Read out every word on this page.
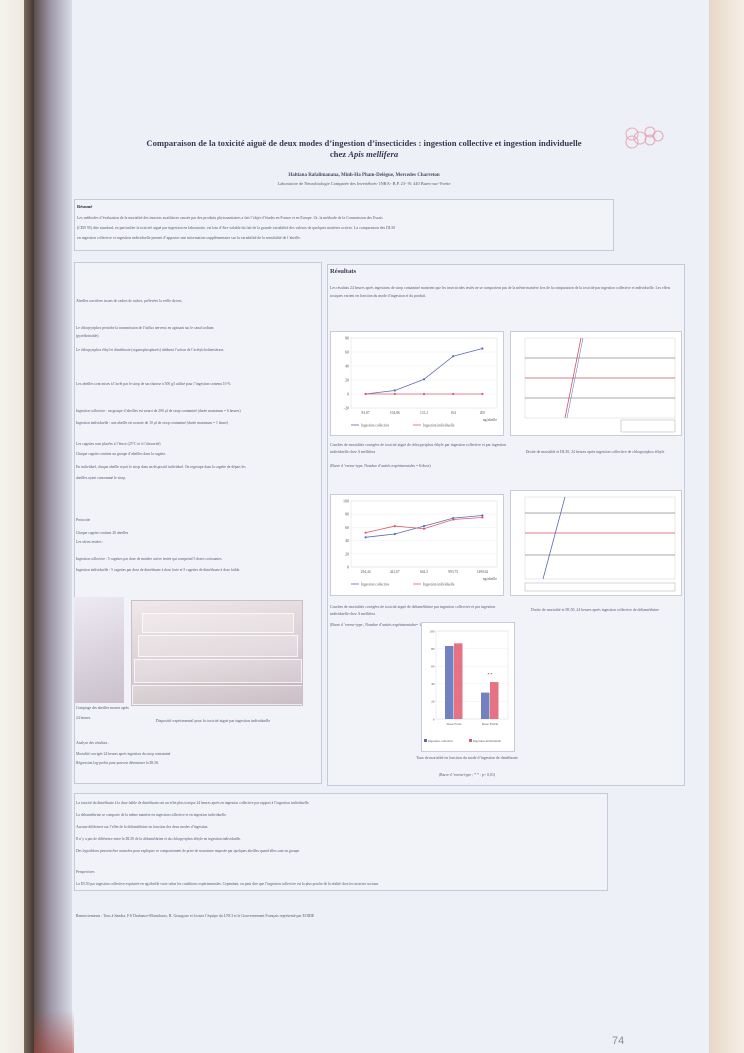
Comparaison de la toxicité aiguë de deux modes d’ingestion d’insecticides : ingestion collective et ingestion individuelle
chez Apis mellifera
Haltiana Rafalimanana, Minh-Ha Pham-Delègue, Mercedes Charreton
Laboratoire de Neurobiologie Comparée des Invertébrés- INRA- B.P. 23- 91 440 Bures-sur-Yvette
Résumé
Les méthodes d’évaluation de la mortalité des insectes auxiliaires causée par des produits phytosanitaires a fait l’objet d’études en France et en Europe. Or, la méthode de la Commission des Essais
(CEB 95) dite standard, en particulier la toxicité aiguë par ingestion en laboratoire, est loin d’être valable du fait de la grande variabilité des valeurs de quelques matières actives. La comparaison des DL50
en ingestion collective et ingestion individuelle permet d’apporter une information supplémentaire sur la variabilité de la sensibilité de l’abeille.
Abeilles ouvrières issues de cadres de ruches, prélevées la veille du test.
Le chlorpyriphos perturbe la transmission de l’influx nerveux en agissant sur le canal sodium
(pyréthrinoïde).
Le chlorpyriphos éthyl et diméthoate (organophosphorés) inhibent l’action de l’acétylcholinestérase.
Les abeilles sont mises à l’arrêt par le sirop de saccharose à 500 g/l utilisé pour l’ingestion contenu 10 %
Ingestion collective : un groupe d’abeilles est nourri de 200 µl de sirop contaminé (durée maximum = 6 heures)
Ingestion individuelle : une abeille est nourrie de 10 µl de sirop contaminé (durée maximum = 1 heure)
Les cagettes sont placées à l’étuve (25°C et à l’obscurité)
Chaque cagette contient un groupe d’abeilles dans la cagette.
En individuel, chaque abeille reçoit le sirop dans un dispositif individuel. On regroupe dans la cagette de départ les
abeilles ayant consommé le sirop.
Protocole
Chaque cagette contient 20 abeilles
Les séries testées :
Ingestion collective : 5 cagettes par dose de matière active testée qui comprend 5 doses croissantes.
Ingestion individuelle : 5 cagettes par dose de diméthoate à dose forte et 5 cagettes de diméthoate à dose faible.
Dispositif expérimental pour la toxicité aiguë par ingestion individuelle
Comptage des abeilles mortes après
24 heures.
Analyse des résultats :
Mortalité corrigée 24 heures après ingestion du sirop contaminé
Régression log-probit pour pouvoir déterminer la DL50.
Résultats
Les résultats 24 heures après ingestions de sirop contaminé montrent que les insecticides testés ne se comportent pas de la même manière lors de la comparaison de la toxicité par ingestion collective et individuelle. Les effets toxiques varient en fonction du mode d’ingestion et du produit.
-20
0
20
40
60
80
83,87	104,86	131,2	164	205
ng/abeille
Ingestion collective	Ingestion individuelle
Courbes de mortalités corrigées de toxicité aiguë de chlorpyriphos éthyle par ingestion collective et par ingestion individuelle chez A mellifera
(Barre d ’erreur-type, Nombre d’unités expérimentales = 6/dose)
Droite de mortalité et DL50, 24 heures après ingestion collective de chlorpyriphos éthyle
0
20
40
60
80
100
294,44	441,67	662,5	993,75	1490,62
ng/abeille
Ingestion collective	Ingestion individuelle
Courbes de mortalités corrigées de toxicité aiguë de deltaméthrine par ingestion collective et par ingestion individuelle chez A mellifera
(Barre d ’erreur-type , Nombre d’unités expérimentales= 12/dose)
Droite de mortalité et DL50, 24 heures après ingestion collective de deltaméthrine
0
20
40
60
80
100
Dose Forte	Dose Faible
* *
Ingestion collective	Ingestion individuelle
Taux de mortalité en fonction du mode d’ingestion de diméthoate
(Barre d ’erreur-type ; * * : p< 0,01)
La toxicité du diméthoate à la dose faible de diméthoate ont un effet plus toxique 24 heures après en ingestion collective par rapport à l’ingestion individuelle.
La deltaméthrine se comporte de la même manière en ingestion collective et en ingestion individuelle.
Aucune différence sur l’effet de la deltaméthrine en fonction des deux modes d’ingestion.
Il n’y a pas de différence entre la DL50 de la deltaméthrine et du chlorpyriphos éthyle en ingestion individuelle.
Des hypothèses peuvent être avancées pour expliquer ce comportement de prise de nourriture imposée par quelques abeilles quand elles sont en groupe.
Perspectives
La DL50 par ingestion collective exprimée en ng/abeille varie selon les conditions expérimentales. Cependant, on peut dire que l’ingestion collective est la plus proche de la réalité chez les insectes sociaux.
Remerciements : Tous à Sandra, F.S Drabance-Montchaux, R. Gourgoue et à toute l’équipe du LNCI et le Gouvernement Français représenté par EOIDE
74
